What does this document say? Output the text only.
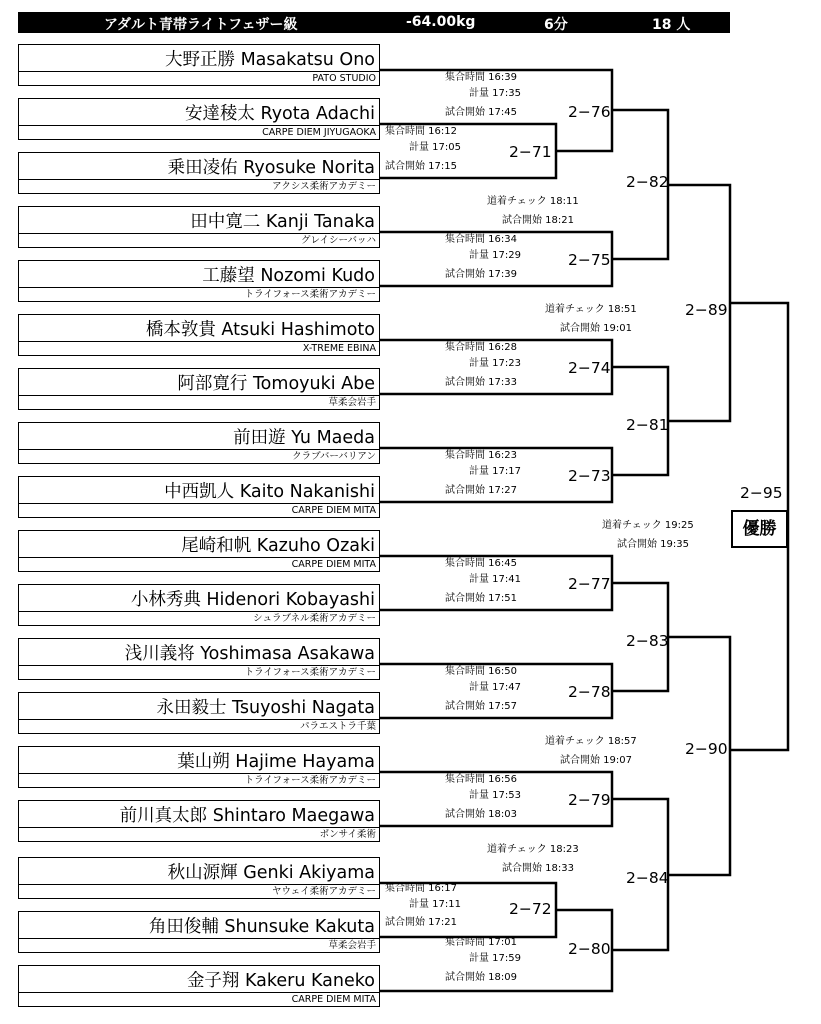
アダルト青帯ライトフェザー級	-64.00kg	6分	18 人
大野正勝 Masakatsu Ono
PATO STUDIO
安達稜太 Ryota Adachi
CARPE DIEM JIYUGAOKA
乗田凌佑 Ryosuke Norita
アクシス柔術アカデミー
田中寛二 Kanji Tanaka
グレイシーバッハ
工藤望 Nozomi Kudo
トライフォース柔術アカデミー
橋本敦貴 Atsuki Hashimoto
X-TREME EBINA
阿部寛行 Tomoyuki Abe
草柔会岩手
前田遊 Yu Maeda
クラブバーバリアン
中西凱人 Kaito Nakanishi
CARPE DIEM MITA
尾崎和帆 Kazuho Ozaki
CARPE DIEM MITA
小林秀典 Hidenori Kobayashi
シュラブネル柔術アカデミー
浅川義将 Yoshimasa Asakawa
トライフォース柔術アカデミー
永田毅士 Tsuyoshi Nagata
パラエストラ千葉
葉山朔 Hajime Hayama
トライフォース柔術アカデミー
前川真太郎 Shintaro Maegawa
ボンサイ柔術
秋山源輝 Genki Akiyama
ヤウェイ柔術アカデミー
角田俊輔 Shunsuke Kakuta
草柔会岩手
金子翔 Kakeru Kaneko
CARPE DIEM MITA
2−76
2−71
2−82
2−75
2−89
2−74
2−81
2−73
2−95
2−77
2−83
2−78
2−90
2−79
2−84
2−72
2−80
集合時間 16:39
計量 17:35
試合開始 17:45
集合時間 16:12
計量 17:05
試合開始 17:15
道着チェック 18:11
試合開始 18:21
集合時間 16:34
計量 17:29
試合開始 17:39
道着チェック 18:51
試合開始 19:01
集合時間 16:28
計量 17:23
試合開始 17:33
集合時間 16:23
計量 17:17
試合開始 17:27
道着チェック 19:25
試合開始 19:35
集合時間 16:45
計量 17:41
試合開始 17:51
集合時間 16:50
計量 17:47
試合開始 17:57
道着チェック 18:57
試合開始 19:07
集合時間 16:56
計量 17:53
試合開始 18:03
道着チェック 18:23
試合開始 18:33
集合時間 16:17
計量 17:11
試合開始 17:21
集合時間 17:01
計量 17:59
試合開始 18:09
優勝
